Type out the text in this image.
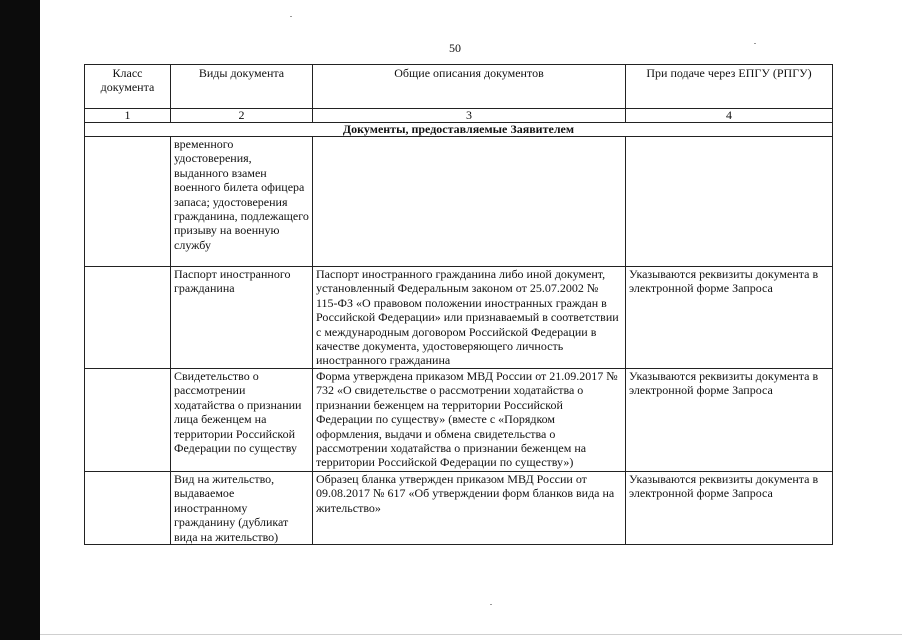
50
Класс документа	Виды документа	Общие описания документов	При подаче через ЕПГУ (РПГУ)
1	2	3	4
Документы, предоставляемые Заявителем			
	временного удостоверения, выданного взамен военного билета офицера запаса; удостоверения гражданина, подлежащего призыву на военную службу		
	Паспорт иностранного гражданина	Паспорт иностранного гражданина либо иной документ, установленный Федеральным законом от 25.07.2002 № 115-ФЗ «О правовом положении иностранных граждан в Российской Федерации» или признаваемый в соответствии с международным договором Российской Федерации в качестве документа, удостоверяющего личность иностранного гражданина	Указываются реквизиты документа в электронной форме Запроса
	Свидетельство о рассмотрении ходатайства о признании лица беженцем на территории Российской Федерации по существу	Форма утверждена приказом МВД России от 21.09.2017 № 732 «О свидетельстве о рассмотрении ходатайства о признании беженцем на территории Российской Федерации по существу» (вместе с «Порядком оформления, выдачи и обмена свидетельства о рассмотрении ходатайства о признании беженцем на территории Российской Федерации по существу»)	Указываются реквизиты документа в электронной форме Запроса
	Вид на жительство, выдаваемое иностранному гражданину (дубликат вида на жительство)	Образец бланка утвержден приказом МВД России от 09.08.2017 № 617 «Об утверждении форм бланков вида на жительство»	Указываются реквизиты документа в электронной форме Запроса
